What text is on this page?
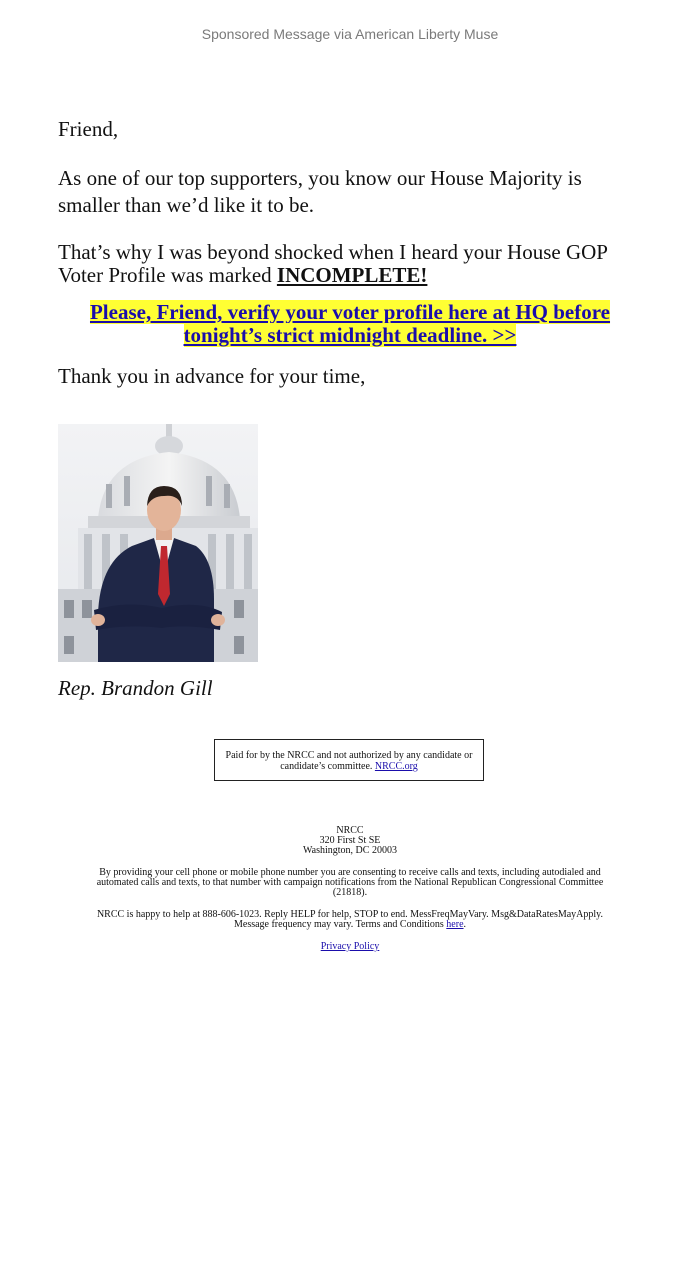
Sponsored Message via American Liberty Muse

Friend,

As one of our top supporters, you know our House Majority is smaller than we’d like it to be.

That’s why I was beyond shocked when I heard your House GOP Voter Profile was marked INCOMPLETE!

Please, Friend, verify your voter profile here at HQ before tonight’s strict midnight deadline. >>

Thank you in advance for your time,

Rep. Brandon Gill

Paid for by the NRCC and not authorized by any candidate or candidate’s committee. NRCC.org

NRCC

320 First St SE

Washington, DC 20003

By providing your cell phone or mobile phone number you are consenting to receive calls and texts, including autodialed and automated calls and texts, to that number with campaign notifications from the National Republican Congressional Committee (21818).

NRCC is happy to help at 888-606-1023. Reply HELP for help, STOP to end. MessFreqMayVary. Msg&DataRatesMayApply. Message frequency may vary. Terms and Conditions here.

Privacy Policy
